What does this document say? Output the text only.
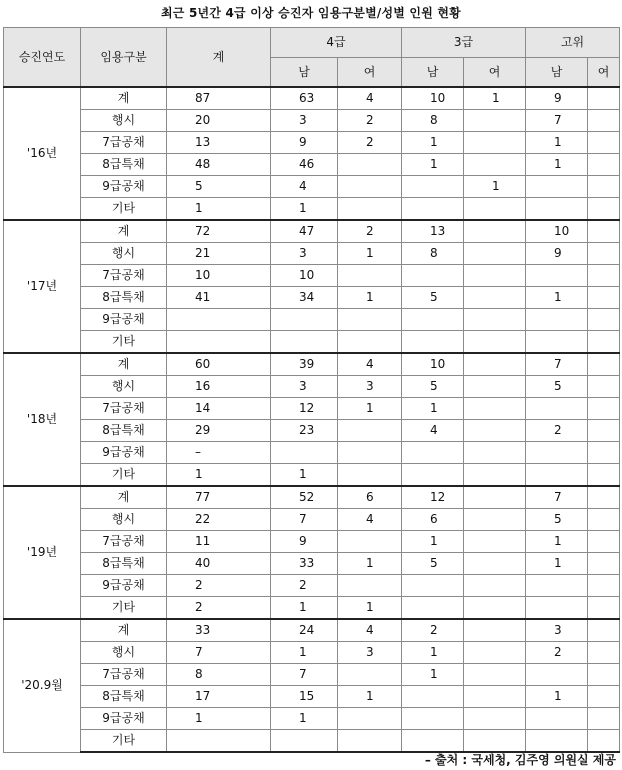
최근 5년간 4급 이상 승진자 임용구분별/성별 인원 현황
승진연도	임용구분	계	4급		3급		고위	
			남	여	남	여	남	여
'16년	계	87	63	4	10	1	9	
	행시	20	3	2	8		7	
	7급공채	13	9	2	1		1	
	8급특채	48	46		1		1	
	9급공채	5	4			1		
	기타	1	1					
'17년	계	72	47	2	13		10	
	행시	21	3	1	8		9	
	7급공채	10	10					
	8급특채	41	34	1	5		1	
	9급공채							
	기타							
'18년	계	60	39	4	10		7	
	행시	16	3	3	5		5	
	7급공채	14	12	1	1			
	8급특채	29	23		4		2	
	9급공채	–						
	기타	1	1					
'19년	계	77	52	6	12		7	
	행시	22	7	4	6		5	
	7급공채	11	9		1		1	
	8급특채	40	33	1	5		1	
	9급공채	2	2					
	기타	2	1	1				
'20.9월	계	33	24	4	2		3	
	행시	7	1	3	1		2	
	7급공채	8	7		1			
	8급특채	17	15	1			1	
	9급공채	1	1					
	기타							
– 출처 : 국세청, 김주영 의원실 제공
